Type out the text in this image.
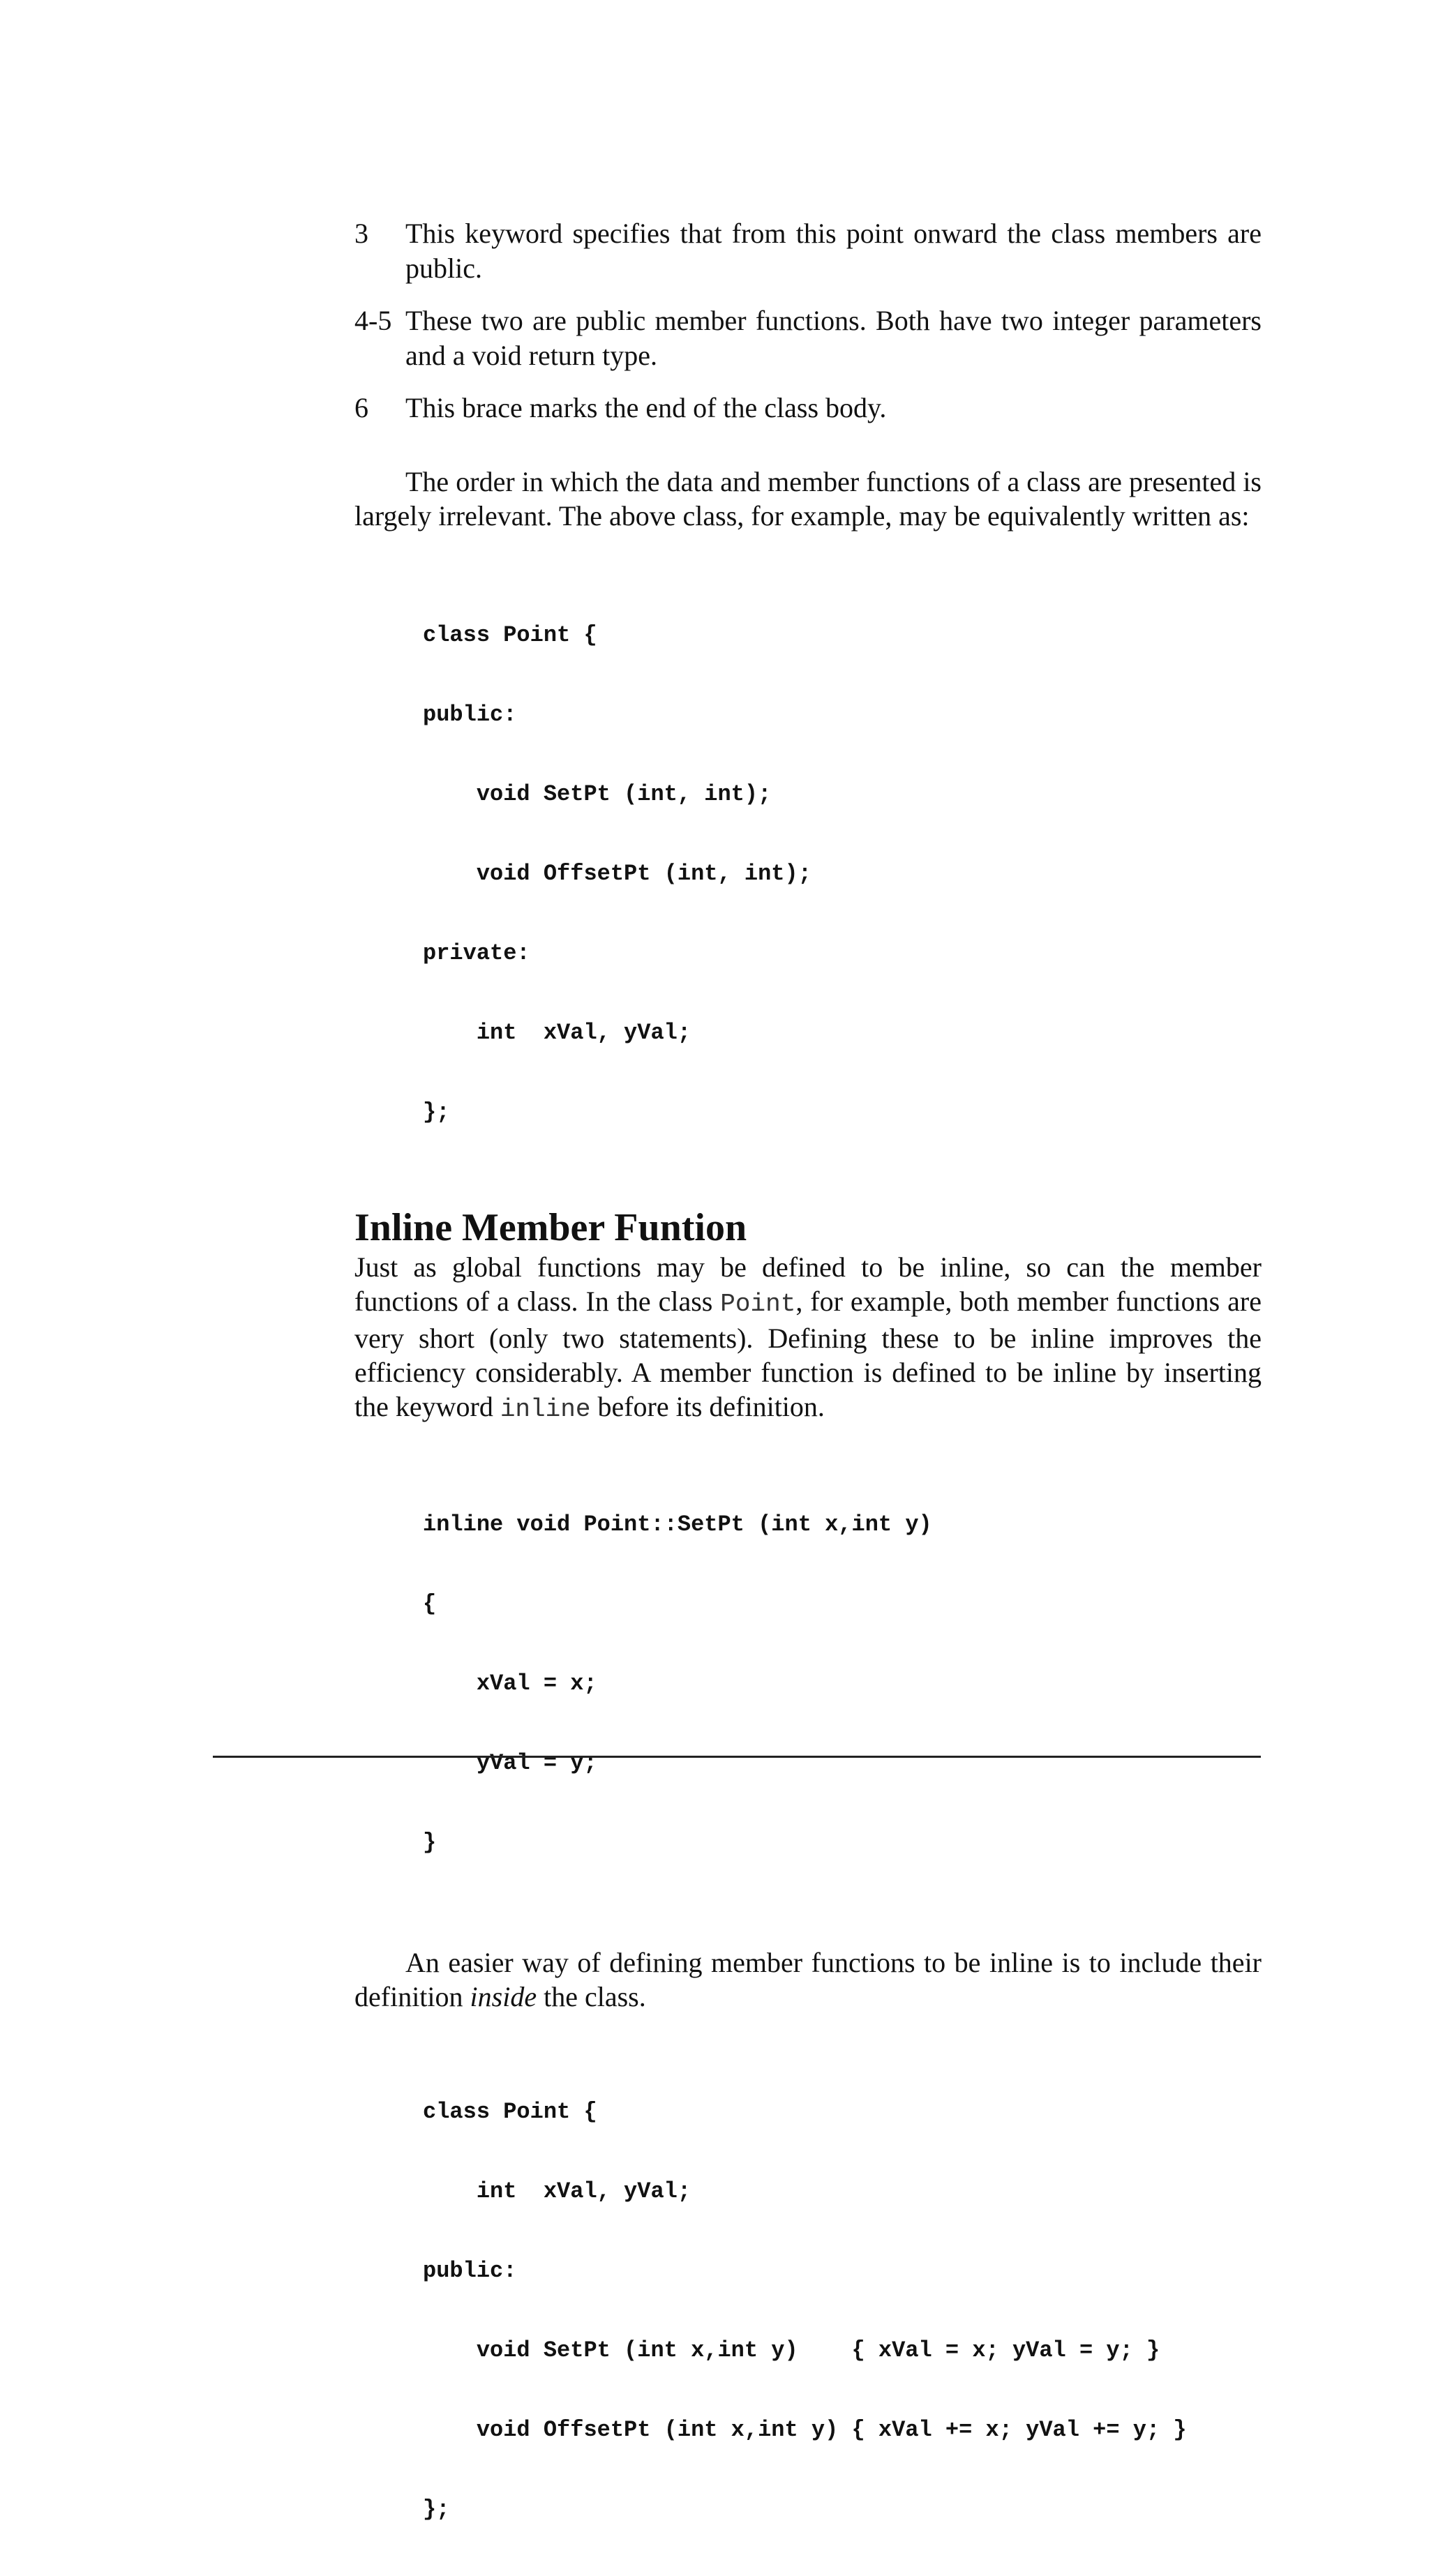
3	This keyword specifies that from this point onward the class members are public.
4-5 These two are public member functions. Both have two integer parameters and a void return type.
6	This brace marks the end of the class body.

The order in which the data and member functions of a class are presented is largely irrelevant. The above class, for example, may be equivalently written as:

class Point {

public:

void SetPt (int, int);

void OffsetPt (int, int);

private:

int  xVal, yVal;

};

Inline Member Funtion

Just as global functions may be defined to be inline, so can the member functions of a class. In the class Point, for example, both member functions are very short (only two statements). Defining these to be inline improves the efficiency considerably. A member function is defined to be inline by inserting the keyword inline before its definition.

inline void Point::SetPt (int x,int y)

{

xVal = x;

yVal = y;

}

An easier way of defining member functions to be inline is to include their definition inside the class.

class Point {

int  xVal, yVal;

public:

void SetPt (int x,int y)    { xVal = x; yVal = y; }

void OffsetPt (int x,int y) { xVal += x; yVal += y; }

};
